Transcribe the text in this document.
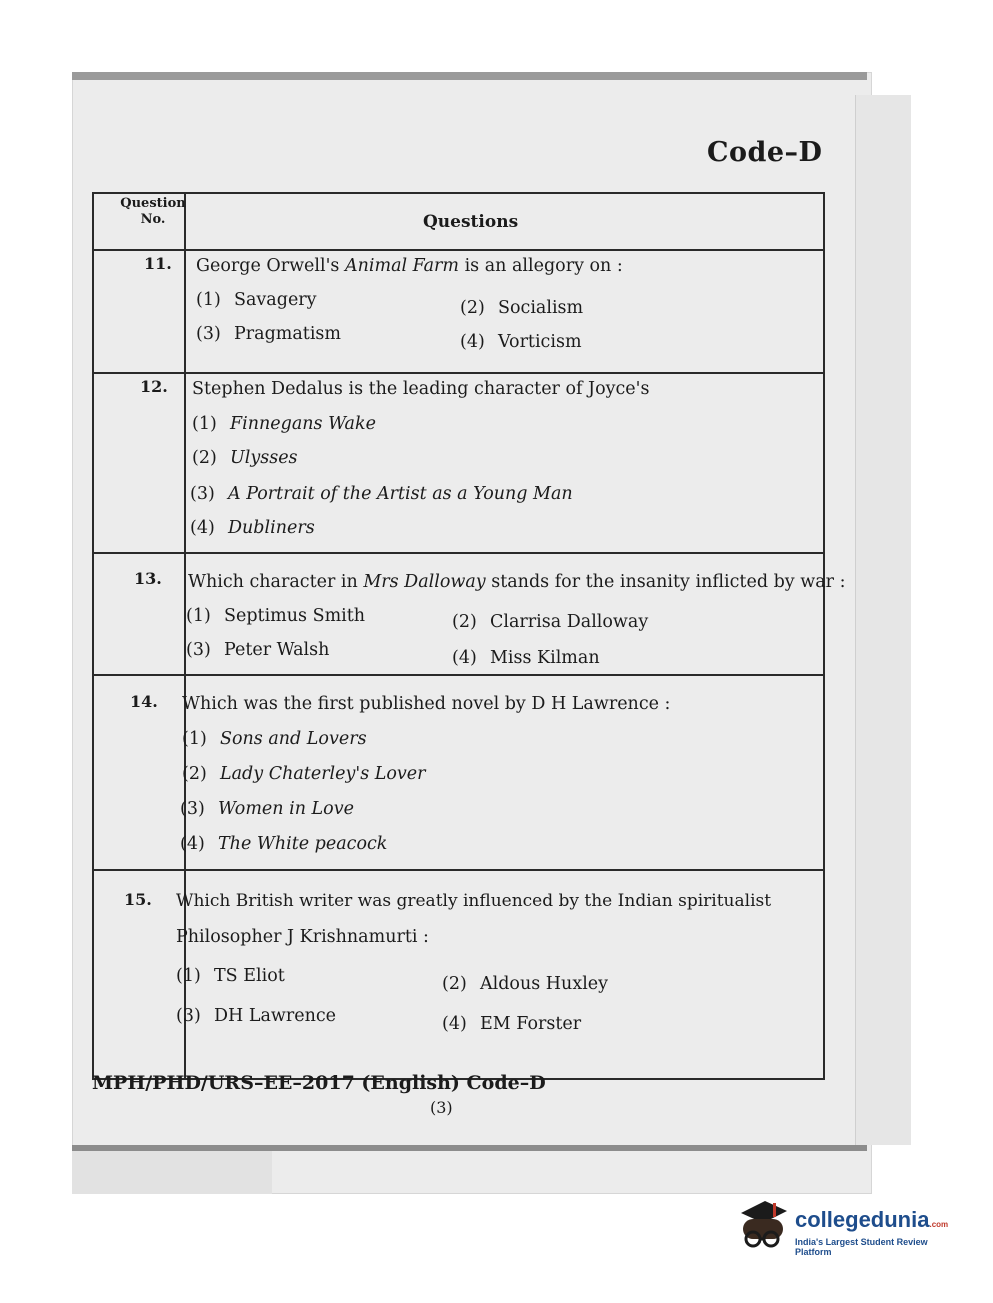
Code–D
Question
No.	Questions
11. George Orwell's Animal Farm is an allegory on :
(1) Savagery	(2) Socialism
(3) Pragmatism	(4) Vorticism
12. Stephen Dedalus is the leading character of Joyce's
(1) Finnegans Wake
(2) Ulysses
(3) A Portrait of the Artist as a Young Man
(4) Dubliners
13. Which character in Mrs Dalloway stands for the insanity inflicted by war :
(1) Septimus Smith	(2) Clarrisa Dalloway
(3) Peter Walsh	(4) Miss Kilman
14. Which was the first published novel by D H Lawrence :
(1) Sons and Lovers
(2) Lady Chaterley's Lover
(3) Women in Love
(4) The White peacock
15. Which British writer was greatly influenced by the Indian spiritualist
Philosopher J Krishnamurti :
(1) TS Eliot	(2) Aldous Huxley
(3) DH Lawrence	(4) EM Forster
MPH/PHD/URS–EE–2017 (English) Code–D
(3)
collegedunia.com
India's Largest Student Review Platform
